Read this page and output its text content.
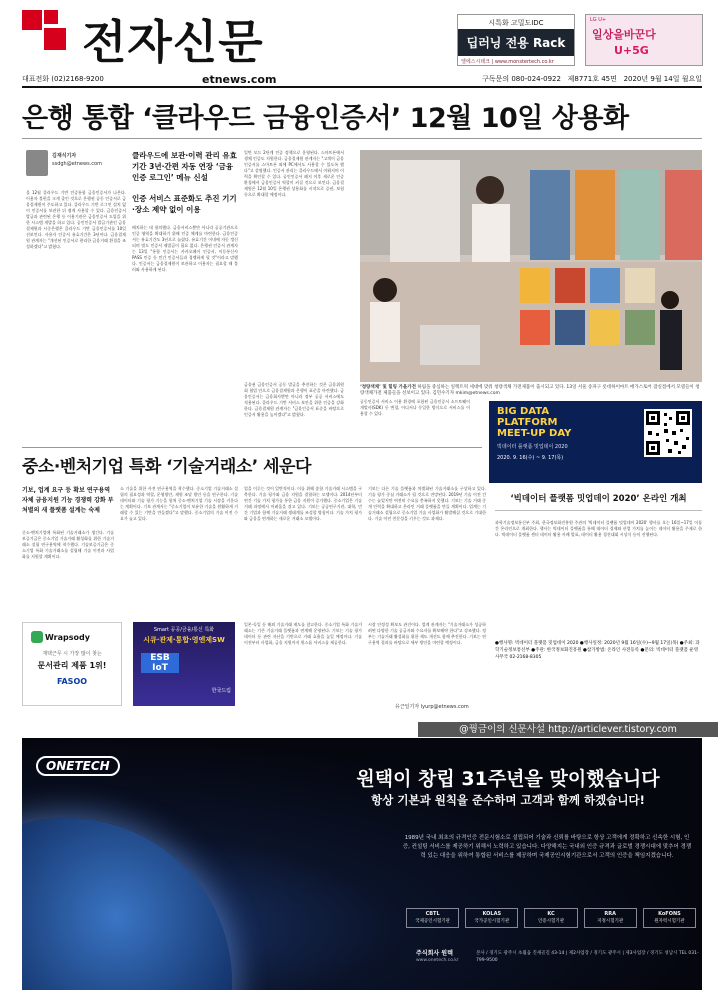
전자신문	시특화 고밀도IDC
딥러닝 전용 Rack
엘에스시테크 | www.monstertech.co.kr
LG U+
일상을바꾼다
U+5G
대표전화 (02)2168-9200	etnews.com	구독문의 080-024-0922 제8771호 45면 2020년 9월 14일 월요일
은행 통합 ‘클라우드 금융인증서’ 12월 10일 상용화
김재식기자
ssdgh@etnews.com
올 12월 클라우드 기반 인증통합 금융인증서가 나온다. 이용자 불편을 크게 줄인 것으로 은행권 공동 인증서로 금융결제원이 주도하고 있다. 클라우드 기반 로그인 설치 없이 인증서를 보관한 뒤 쉽게 사용할 수 있다. 금융인증서 발급과 관련된 은행 등 이용기관은 금융인증서 도입을 위한 시스템 개발을 하고 있다. 공인인증서 발급기관인 금융결제원과 시중은행은 클라우드 기반 금융인증서를 10일 선보인다. 사용자 인증서 유효기간은 3년이다. 금융결제원 관계자는 "개선된 인증서로 편리한 금융거래 환경을 조성하겠다"고 밝혔다.
클라우드에 보관·이력 관리 유효기간 3년·간편 자동 연장 ‘금융인증 로그인’ 메뉴 신설
인증 서비스 표준화도 추진 기기·장소 제약 없이 이용
배치하는 데 합의했다. 금융서비스뿐만 아니라 공공기관으로 인증 영역을 확대하기 위해 인증 체계를 마련한다. 금융인증서는 유효기간도 3년으로 늘렸다. 유효기간 이내에 자동 갱신되며 별도 인증서 재발급이 필요 없다. 은행권 인증서 관계자는 13일 "통합 인증서는 카카오페이 인증서, 이동통신사 PASS 인증 등 민간 인증서들과 경쟁하게 될 것"이라고 말했다. 인증서는 금융결제원이 보관하고 이용자는 필요할 때 불러와 사용하게 된다.
일반 모드 2단계 인증 정책으로 운영된다. 스마트폰에서 생체 인증도 지원한다. 금융결제원 관계자는 "고객이 금융인증서를 스마트폰 외에 PC에서도 사용할 수 있도록 했다"고 설명했다. 인증서 관리는 클라우드에서 이뤄지며 이력을 확인할 수 있다. 공인인증서 폐지 이후 새로운 인증 환경에서 금융인증서 역할이 커질 것으로 보인다. 금융결제원은 12월 10일 은행권 상용화를 시작으로 증권, 보험 등으로 확대할 예정이다.
‘청량색채’ 및 힐링 가을가전 하림을 중심하는 일렉트릭 세대에 맞춰 청량색채 가전제품이 출시되고 있다. 13일 서울 송파구 롯데하이마트 매가스토어 잠실점에서 모델들이 청량색채가전 제품들을 선보이고 있다. 김민수기자 mkim@etnews.com
금융권 금융인증서 공동 발급을 추진하는 것은 금융위원회 협업 안으로 금융결제원과 은행이 표준을 마련했다. 금융인증서는 금융회사뿐만 아니라 정부 공공 서비스에도 적용된다. 클라우드 기반 서비스 보안을 위한 인증을 강화한다. 금융결제원 관계자는 "금융인증서 표준을 바탕으로 인증서 활용을 높이겠다"고 밝혔다.
공동인증서 서비스 이용 환경에 포함된 금융인증서 소프트웨어 개발사(SDK) 등 변경, 어디서나 동일한 방식으로 서비스를 이용할 수 있다.	BIG DATA
PLATFORM
MEET-UP DAY
빅데이터 플랫폼 밋업데이 2020
2020. 9. 16(수) ~ 9. 17(목)
중소·벤처기업 특화 ‘기술거래소’ 세운다
‘빅데이터 플랫폼 밋업데이 2020’ 온라인 개최
기보, 업계 요구 등 확보 연구용역 자체 금융지원 기능 경쟁력 강화 부처별의 새 플랫폼 설계는 숙제
중소·벤처기업에 특화된 기술거래소가 생긴다. 기술보증기금은 중소기업 기술거래 활성화를 위한 기술거래소 설립 연구용역에 착수했다. 기술보증기금은 중소기업 특화 기술거래소를 설립해 기술 이전과 사업화를 지원할 계획이다.
소 기술을 위한 사전 연구용역을 착수했다. 중소기업 기술거래소 설립의 필요성과 역할, 운영방안, 재원 조달 방안 등을 연구한다. 기술 데이터와 기술 평가 기능을 합쳐 중소·벤처기업 기술 시장을 키운다는 계획이다. 기보 관계자는 "중소기업이 보유한 기술을 원활하게 거래할 수 있는 기반을 만들겠다"고 말했다. 중소기업의 기술 이전 수요가 늘고 있다.
업을 이루는 것이 일반적이다. 이를 위해 종합 기술거래 시스템을 구축한다. 기술 평가와 금융 지원을 결합하는 모델이다. 2014년부터 연간 기술 가치 평가를 통한 금융 지원이 증가했다. 중소기업은 기술 거래 과정에서 어려움을 겪고 있다. 기보는 공공연구기관, 대학, 민간 기업과 함께 기술거래 생태계를 조성할 방침이다. 기술 가치 평가와 금융을 연계하는 새로운 거래소 모델이다.
기보는 다른 기술 플랫폼과 차별화된 기술거래소를 구상하고 있다. 기술 평가 중심 거래소가 될 것으로 전망된다. 2019년 기술 이전 건수는 늘었지만 여전히 수요를 충족하지 못했다. 기보는 기술 거래 중개 인력을 확대하고 온라인 거래 플랫폼을 만들 계획이다. 업계는 기술거래소 설립으로 중소기업 기술 사업화가 활발해질 것으로 기대한다. 기술 이전 전문성을 키우는 것도 과제다.
과학기술정보통신부 주최, 한국정보화진흥원 주관의 '빅데이터 플랫폼 밋업데이 2020' 행사를 오는 16일~17일 이틀간 온라인으로 개최한다. 행사는 빅데이터 플랫폼을 통해 데이터 경제와 산업 가치를 높이는 데이터 활용을 주제로 한다. 빅데이터 플랫폼 센터 데이터 활용 사례 발표, 데이터 활용 경진대회 시상식 등이 진행된다.
Wrapsody
재택근무 시 가장 많이 찾는
문서관리 제품 1위!
FASOO
Smart 공공/금융/통신 특화
시큐·관제·통합·영엔제SW
ESB IoT
한국드림
일본·독일 등 해외 기술거래 제도를 참고한다. 중소기업 특화 기술거래소는 기존 기술거래 플랫폼과 연계해 운영된다. 기보는 기술 평가 데이터 등 관련 자산을 기반으로 거래 효율을 높일 예정이다. 기술 이전부터 사업화, 금융 지원까지 원스톱 서비스를 제공한다.
시장 안정성 확보도 관건이다. 업계 관계자는 "기술거래소가 성공하려면 다양한 기술 공급자와 수요자를 확보해야 한다"고 강조했다. 정부는 기술거래 활성화를 위한 제도 개선도 함께 추진한다. 기보는 연구용역 결과를 바탕으로 세부 방안을 마련할 예정이다.
유근일기자 lyurp@etnews.com
●행사명: 빅데이터 플랫폼 밋업데이 2020 ●행사일정: 2020년 9월 16일(수)~9월 17일(목) ●주최: 과학기술정보통신부 ●주관: 한국정보화진흥원 ●참가방법: 온라인 사전등록 ●문의: 빅데이터 플랫폼 운영 사무국 02-2168-8305
@꿩금이의 신문사설 http://articlever.tistory.com
ONETECH
원택이 창립 31주년을 맞이했습니다
항상 기본과 원칙을 준수하며 고객과 함께 하겠습니다!
1989년 국내 최초의 규격인증 전문시험소로 설립되어 기술과 신뢰를 바탕으로 항상 고객에게 정확하고 신속한 시험, 인증, 컨설팅 서비스를 제공하기 위해서 노력하고 있습니다. 다양해지는 국내외 인증 규격과 글로벌 경쟁시대에 맞추어 경쟁력 있는 대응을 위하여 통합된 서비스를 제공하며 국제공인시험기관으로서 고객의 인증을 책임지겠습니다.
CBTL
국제공인시험기관
KOLAS
국가공인시험기관
KC
인증시험기관
RRA
지정시험기관
KoFONS
원자력시험기관
주식회사 원텍
www.onetech.co.kr
본사 / 경기도 광주시 초월읍 진새골길 43-14 | 제2사업장 / 경기도 광주시 | 제3사업장 / 경기도 성남시 TEL 031-799-9500
